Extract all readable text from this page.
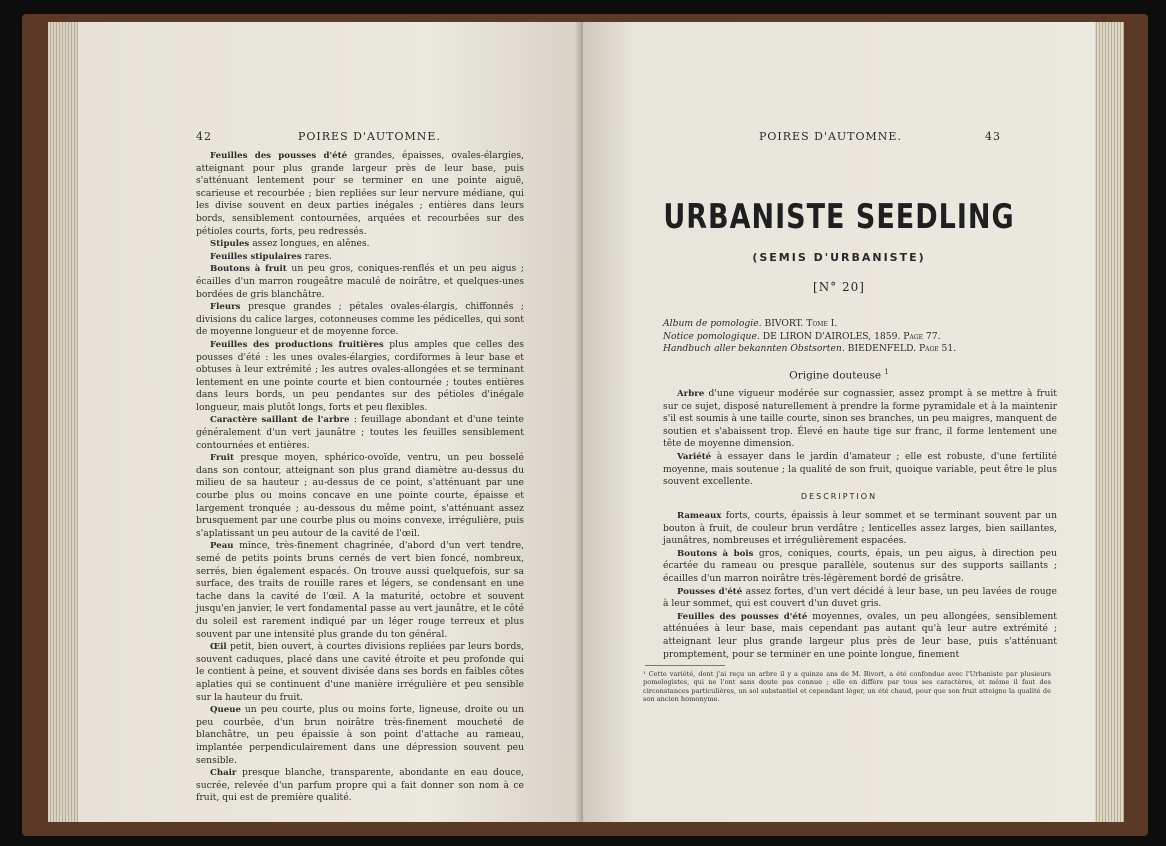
42	POIRES D'AUTOMNE.

Feuilles des pousses d'été grandes, épaisses, ovales-élargies, atteignant pour plus grande largeur près de leur base, puis s'atténuant lentement pour se terminer en une pointe aiguë, scarieuse et recourbée ; bien repliées sur leur nervure médiane, qui les divise souvent en deux parties inégales ; entières dans leurs bords, sensiblement contournées, arquées et recourbées sur des pétioles courts, forts, peu redressés.

Stipules assez longues, en alênes.

Feuilles stipulaires rares.

Boutons à fruit un peu gros, coniques-renflés et un peu aigus ; écailles d'un marron rougeâtre maculé de noirâtre, et quelques-unes bordées de gris blanchâtre.

Fleurs presque grandes ; pétales ovales-élargis, chiffonnés ; divisions du calice larges, cotonneuses comme les pédicelles, qui sont de moyenne longueur et de moyenne force.

Feuilles des productions fruitières plus amples que celles des pousses d'été : les unes ovales-élargies, cordiformes à leur base et obtuses à leur extrémité ; les autres ovales-allongées et se terminant lentement en une pointe courte et bien contournée ; toutes entières dans leurs bords, un peu pendantes sur des pétioles d'inégale longueur, mais plutôt longs, forts et peu flexibles.

Caractère saillant de l'arbre : feuillage abondant et d'une teinte généralement d'un vert jaunâtre ; toutes les feuilles sensiblement contournées et entières.

Fruit presque moyen, sphérico-ovoïde, ventru, un peu bosselé dans son contour, atteignant son plus grand diamètre au-dessus du milieu de sa hauteur ; au-dessus de ce point, s'atténuant par une courbe plus ou moins concave en une pointe courte, épaisse et largement tronquée ; au-dessous du même point, s'atténuant assez brusquement par une courbe plus ou moins convexe, irrégulière, puis s'aplatissant un peu autour de la cavité de l'œil.

Peau mince, très-finement chagrinée, d'abord d'un vert tendre, semé de petits points bruns cernés de vert bien foncé, nombreux, serrés, bien également espacés. On trouve aussi quelquefois, sur sa surface, des traits de rouille rares et légers, se condensant en une tache dans la cavité de l'œil. A la maturité, octobre et souvent jusqu'en janvier, le vert fondamental passe au vert jaunâtre, et le côté du soleil est rarement indiqué par un léger rouge terreux et plus souvent par une intensité plus grande du ton général.

Œil petit, bien ouvert, à courtes divisions repliées par leurs bords, souvent caduques, placé dans une cavité étroite et peu profonde qui le contient à peine, et souvent divisée dans ses bords en faibles côtes aplaties qui se continuent d'une manière irrégulière et peu sensible sur la hauteur du fruit.

Queue un peu courte, plus ou moins forte, ligneuse, droite ou un peu courbée, d'un brun noirâtre très-finement moucheté de blanchâtre, un peu épaissie à son point d'attache au rameau, implantée perpendiculairement dans une dépression souvent peu sensible.

Chair presque blanche, transparente, abondante en eau douce, sucrée, relevée d'un parfum propre qui a fait donner son nom à ce fruit, qui est de première qualité.

POIRES D'AUTOMNE.	43
URBANISTE SEEDLING
(SEMIS D'URBANISTE)
[N° 20]
Album de pomologie. BIVORT. Tome I.
Notice pomologique. DE LIRON D'AIROLES, 1859. Page 77.
Handbuch aller bekannten Obstsorten. BIEDENFELD. Page 51.
Origine douteuse $^1$

Arbre d'une vigueur modérée sur cognassier, assez prompt à se mettre à fruit sur ce sujet, disposé naturellement à prendre la forme pyramidale et à la maintenir s'il est soumis à une taille courte, sinon ses branches, un peu maigres, manquent de soutien et s'abaissent trop. Élevé en haute tige sur franc, il forme lentement une tête de moyenne dimension.

Variété à essayer dans le jardin d'amateur ; elle est robuste, d'une fertilité moyenne, mais soutenue ; la qualité de son fruit, quoique variable, peut être le plus souvent excellente.

DESCRIPTION

Rameaux forts, courts, épaissis à leur sommet et se terminant souvent par un bouton à fruit, de couleur brun verdâtre ; lenticelles assez larges, bien saillantes, jaunâtres, nombreuses et irrégulièrement espacées.

Boutons à bois gros, coniques, courts, épais, un peu aigus, à direction peu écartée du rameau ou presque parallèle, soutenus sur des supports saillants ; écailles d'un marron noirâtre très-légèrement bordé de grisâtre.

Pousses d'été assez fortes, d'un vert décidé à leur base, un peu lavées de rouge à leur sommet, qui est couvert d'un duvet gris.

Feuilles des pousses d'été moyennes, ovales, un peu allongées, sensiblement atténuées à leur base, mais cependant pas autant qu'à leur autre extrémité ; atteignant leur plus grande largeur plus près de leur base, puis s'atténuant promptement, pour se terminer en une pointe longue, finement

¹ Cette variété, dont j'ai reçu un arbre il y a quinze ans de M. Bivort, a été confondue avec l'Urbaniste par plusieurs pomologistes, qui ne l'ont sans doute pas connue ; elle en diffère par tous ses caractères, et même il faut des circonstances particulières, un sol substantiel et cependant léger, un été chaud, pour que son fruit atteigne la qualité de son ancien homonyme.
